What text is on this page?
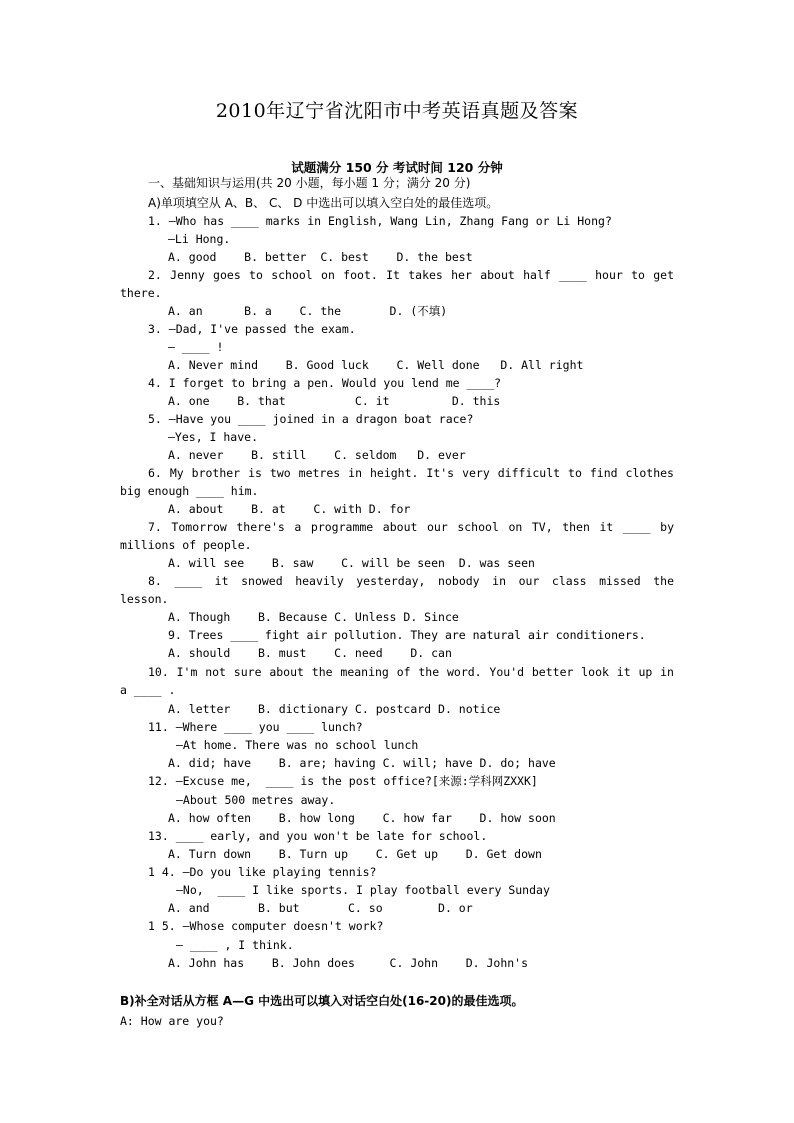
2010年辽宁省沈阳市中考英语真题及答案
试题满分 150 分 考试时间 120 分钟
一、基础知识与运用(共 20 小题，每小题 1 分；满分 20 分)
A)单项填空从 A、B、 C、 D 中选出可以填入空白处的最佳选项。
1. —Who has ____ marks in English, Wang Lin, Zhang Fang or Li Hong?
—Li Hong.
A. good    B. better  C. best    D. the best
2. Jenny goes to school on foot. It takes her about half ____ hour to get
there.
A. an      B. a    C. the       D. (不填)
3. —Dad, I've passed the exam.
— ____ !
A. Never mind    B. Good luck    C. Well done   D. All right
4. I forget to bring a pen. Would you lend me ____?
A. one    B. that          C. it         D. this
5. —Have you ____ joined in a dragon boat race?
—Yes, I have.
A. never    B. still    C. seldom   D. ever
6. My brother is two metres in height. It's very difficult to find clothes
big enough ____ him.
A. about    B. at    C. with D. for
7. Tomorrow there's a programme about our school on TV, then it ____ by
millions of people.
A. will see    B. saw    C. will be seen  D. was seen
8. ____ it snowed heavily yesterday, nobody in our class missed the
lesson.
A. Though    B. Because C. Unless D. Since
9. Trees ____ fight air pollution. They are natural air conditioners.
A. should    B. must    C. need    D. can
10. I'm not sure about the meaning of the word. You'd better look it up in
a ____ .
A. letter    B. dictionary C. postcard D. notice
11. —Where ____ you ____ lunch?
—At home. There was no school lunch
A. did; have    B. are; having C. will; have D. do; have
12. —Excuse me,  ____ is the post office?[来源:学科网ZXXK]
—About 500 metres away.
A. how often    B. how long    C. how far    D. how soon
13. ____ early, and you won't be late for school.
A. Turn down    B. Turn up    C. Get up    D. Get down
1 4. —Do you like playing tennis?
—No,  ____ I like sports. I play football every Sunday
A. and       B. but       C. so        D. or
1 5. —Whose computer doesn't work?
— ____ , I think.
A. John has    B. John does     C. John    D. John's
B)补全对话从方框 A—G 中选出可以填入对话空白处(16-20)的最佳选项。
A: How are you?
